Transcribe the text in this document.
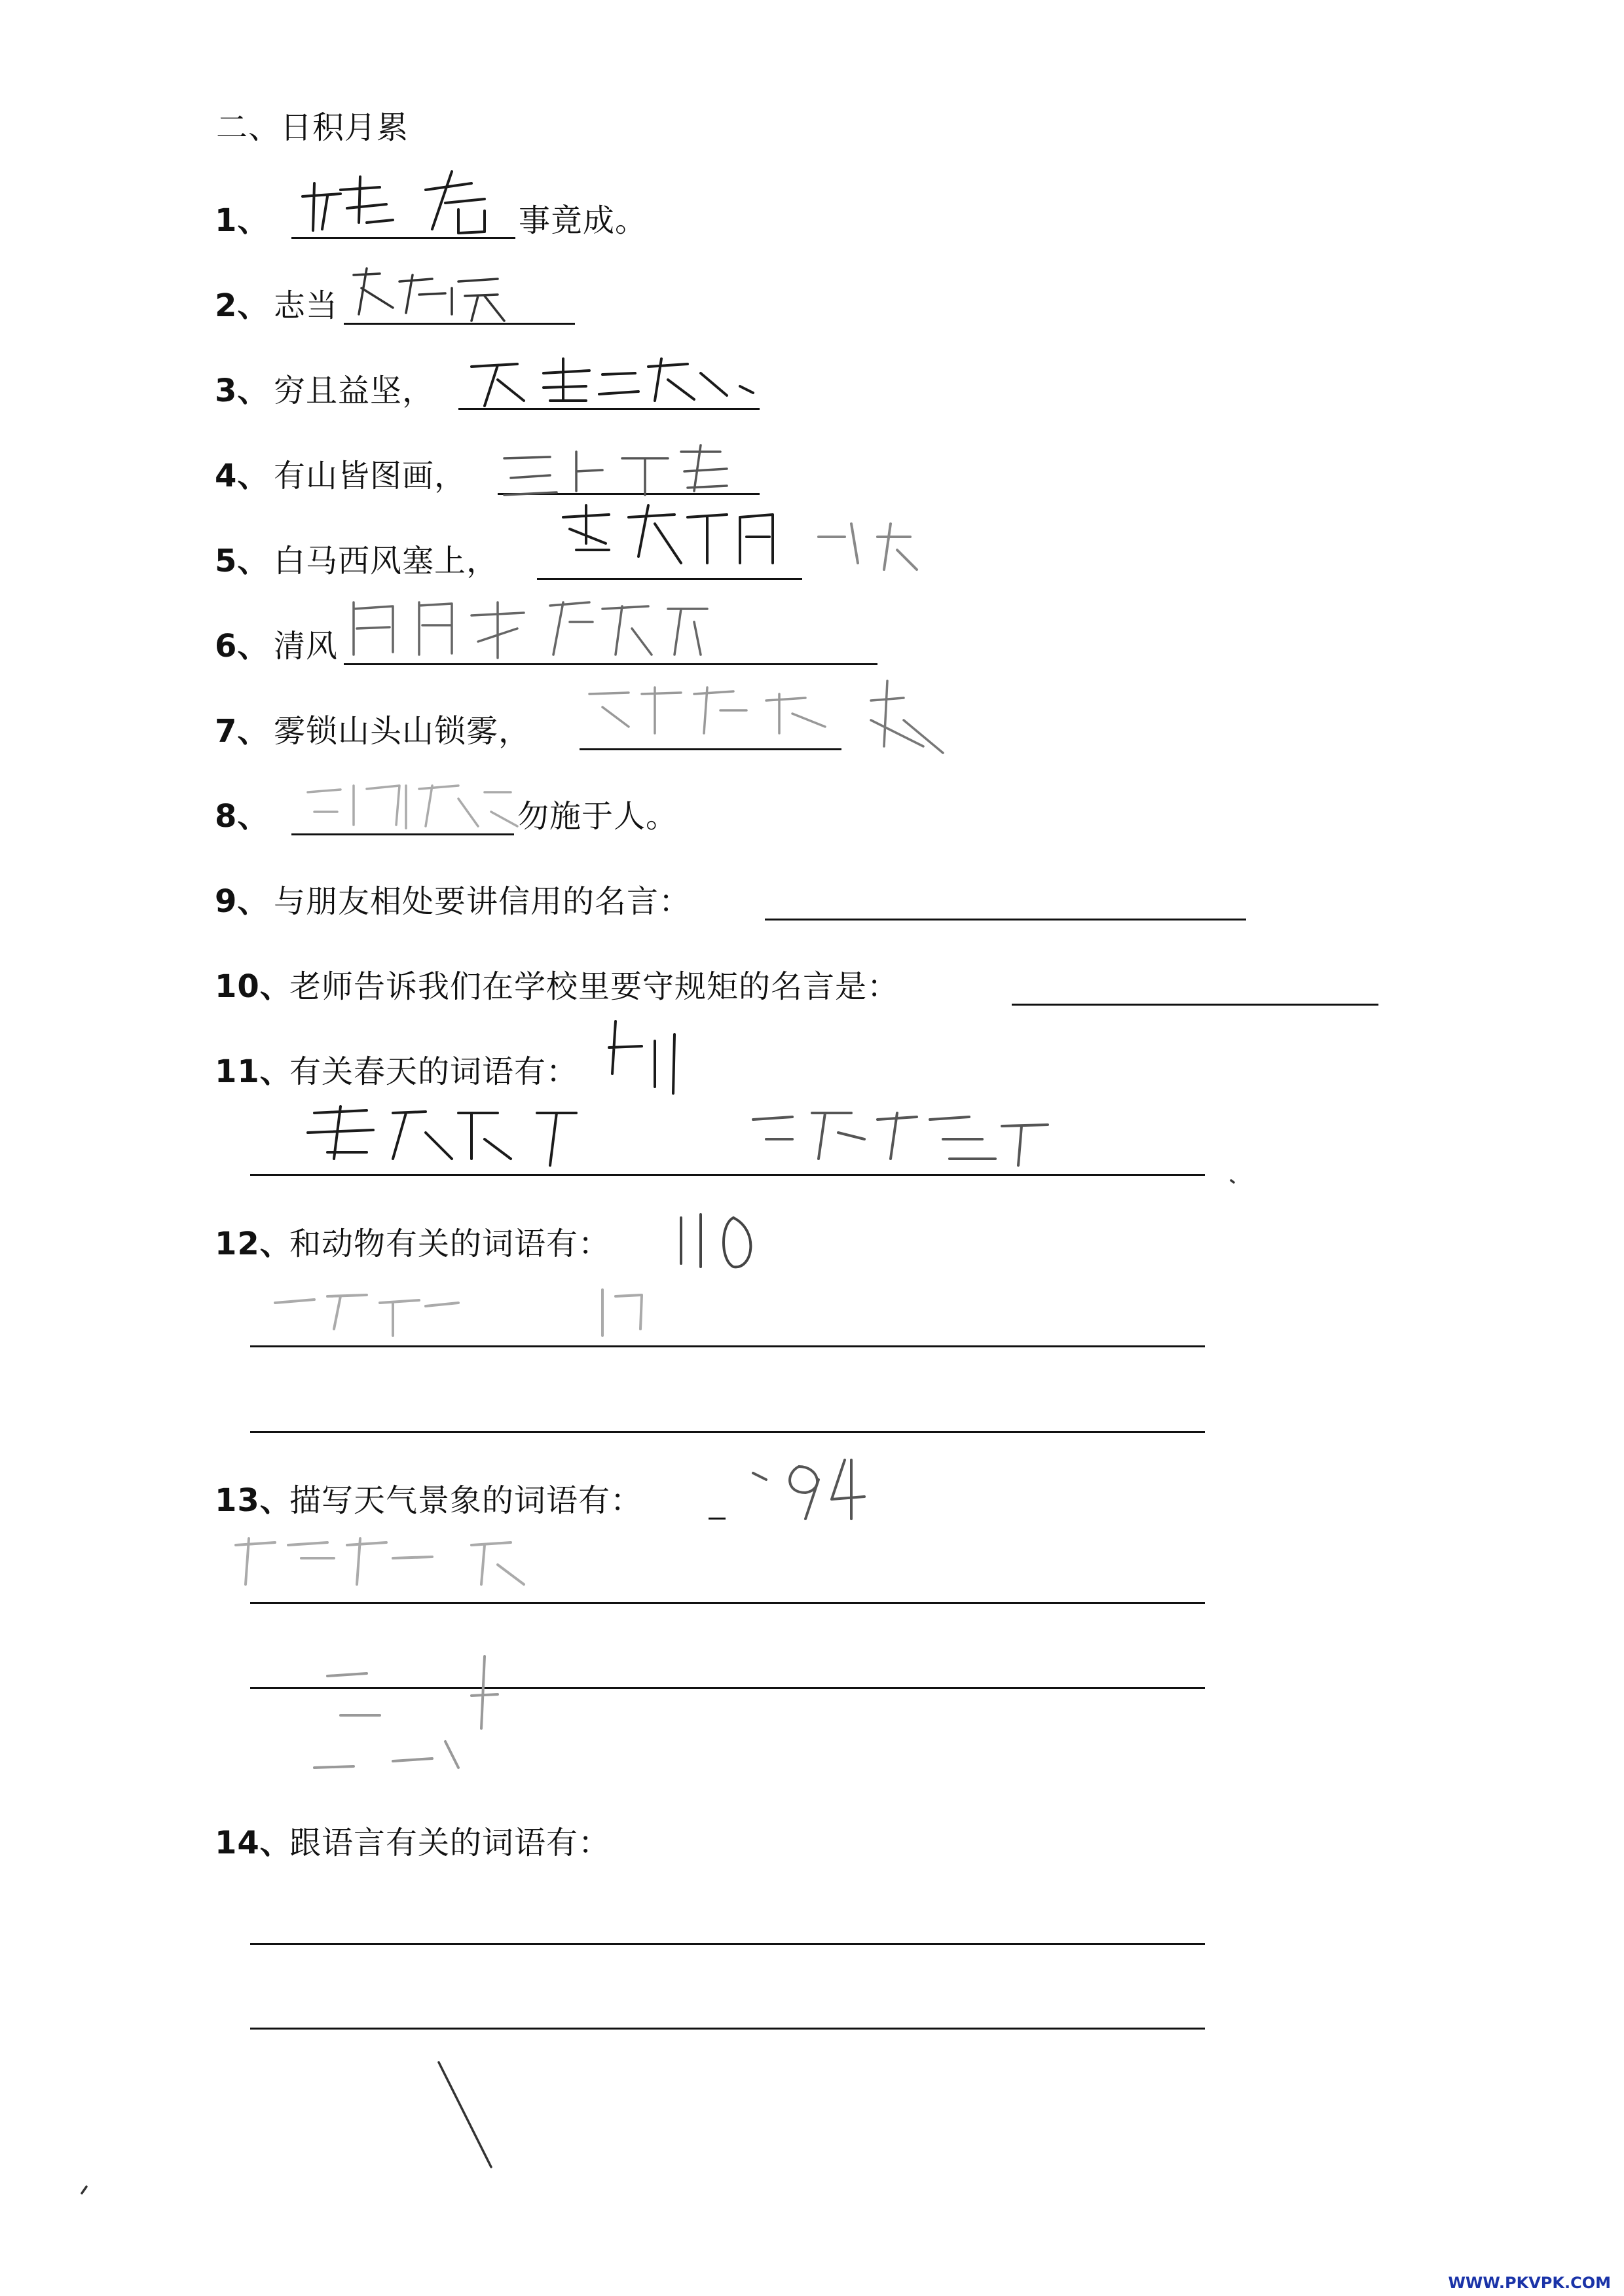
二、日积月累
1、	事竟成。
2、 志当
3、 穷且益坚，
4、 有山皆图画，
5、 白马西风塞上，
6、 清风
7、 雾锁山头山锁雾，
8、	勿施于人。
9、 与朋友相处要讲信用的名言：
10、
老师告诉我们在学校里要守规矩的名言是：
11、
有关春天的词语有：
12、
和动物有关的词语有：
13、
描写天气景象的词语有：
14、
跟语言有关的词语有：
WWW.PKVPK.COM
